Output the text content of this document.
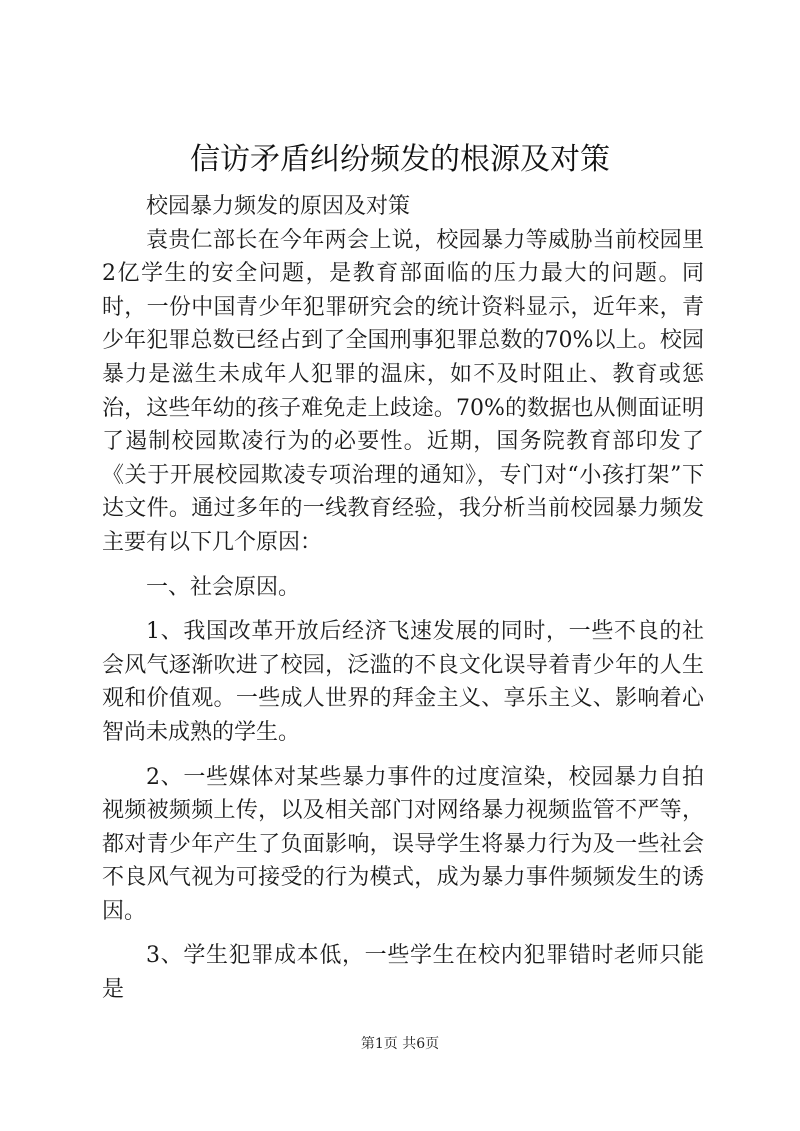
信访矛盾纠纷频发的根源及对策

校园暴力频发的原因及对策

袁贵仁部长在今年两会上说，校园暴力等威胁当前校园里2亿学生的安全问题，是教育部面临的压力最大的问题。同时，一份中国青少年犯罪研究会的统计资料显示，近年来，青少年犯罪总数已经占到了全国刑事犯罪总数的70%以上。校园暴力是滋生未成年人犯罪的温床，如不及时阻止、教育或惩治，这些年幼的孩子难免走上歧途。70%的数据也从侧面证明了遏制校园欺凌行为的必要性。近期，国务院教育部印发了《关于开展校园欺凌专项治理的通知》，专门对“小孩打架”下达文件。通过多年的一线教育经验，我分析当前校园暴力频发主要有以下几个原因：

一、社会原因。

1、我国改革开放后经济飞速发展的同时，一些不良的社会风气逐渐吹进了校园，泛滥的不良文化误导着青少年的人生观和价值观。一些成人世界的拜金主义、享乐主义、影响着心智尚未成熟的学生。

2、一些媒体对某些暴力事件的过度渲染，校园暴力自拍视频被频频上传，以及相关部门对网络暴力视频监管不严等，都对青少年产生了负面影响，误导学生将暴力行为及一些社会不良风气视为可接受的行为模式，成为暴力事件频频发生的诱因。

3、学生犯罪成本低，一些学生在校内犯罪错时老师只能是

第1页 共6页
